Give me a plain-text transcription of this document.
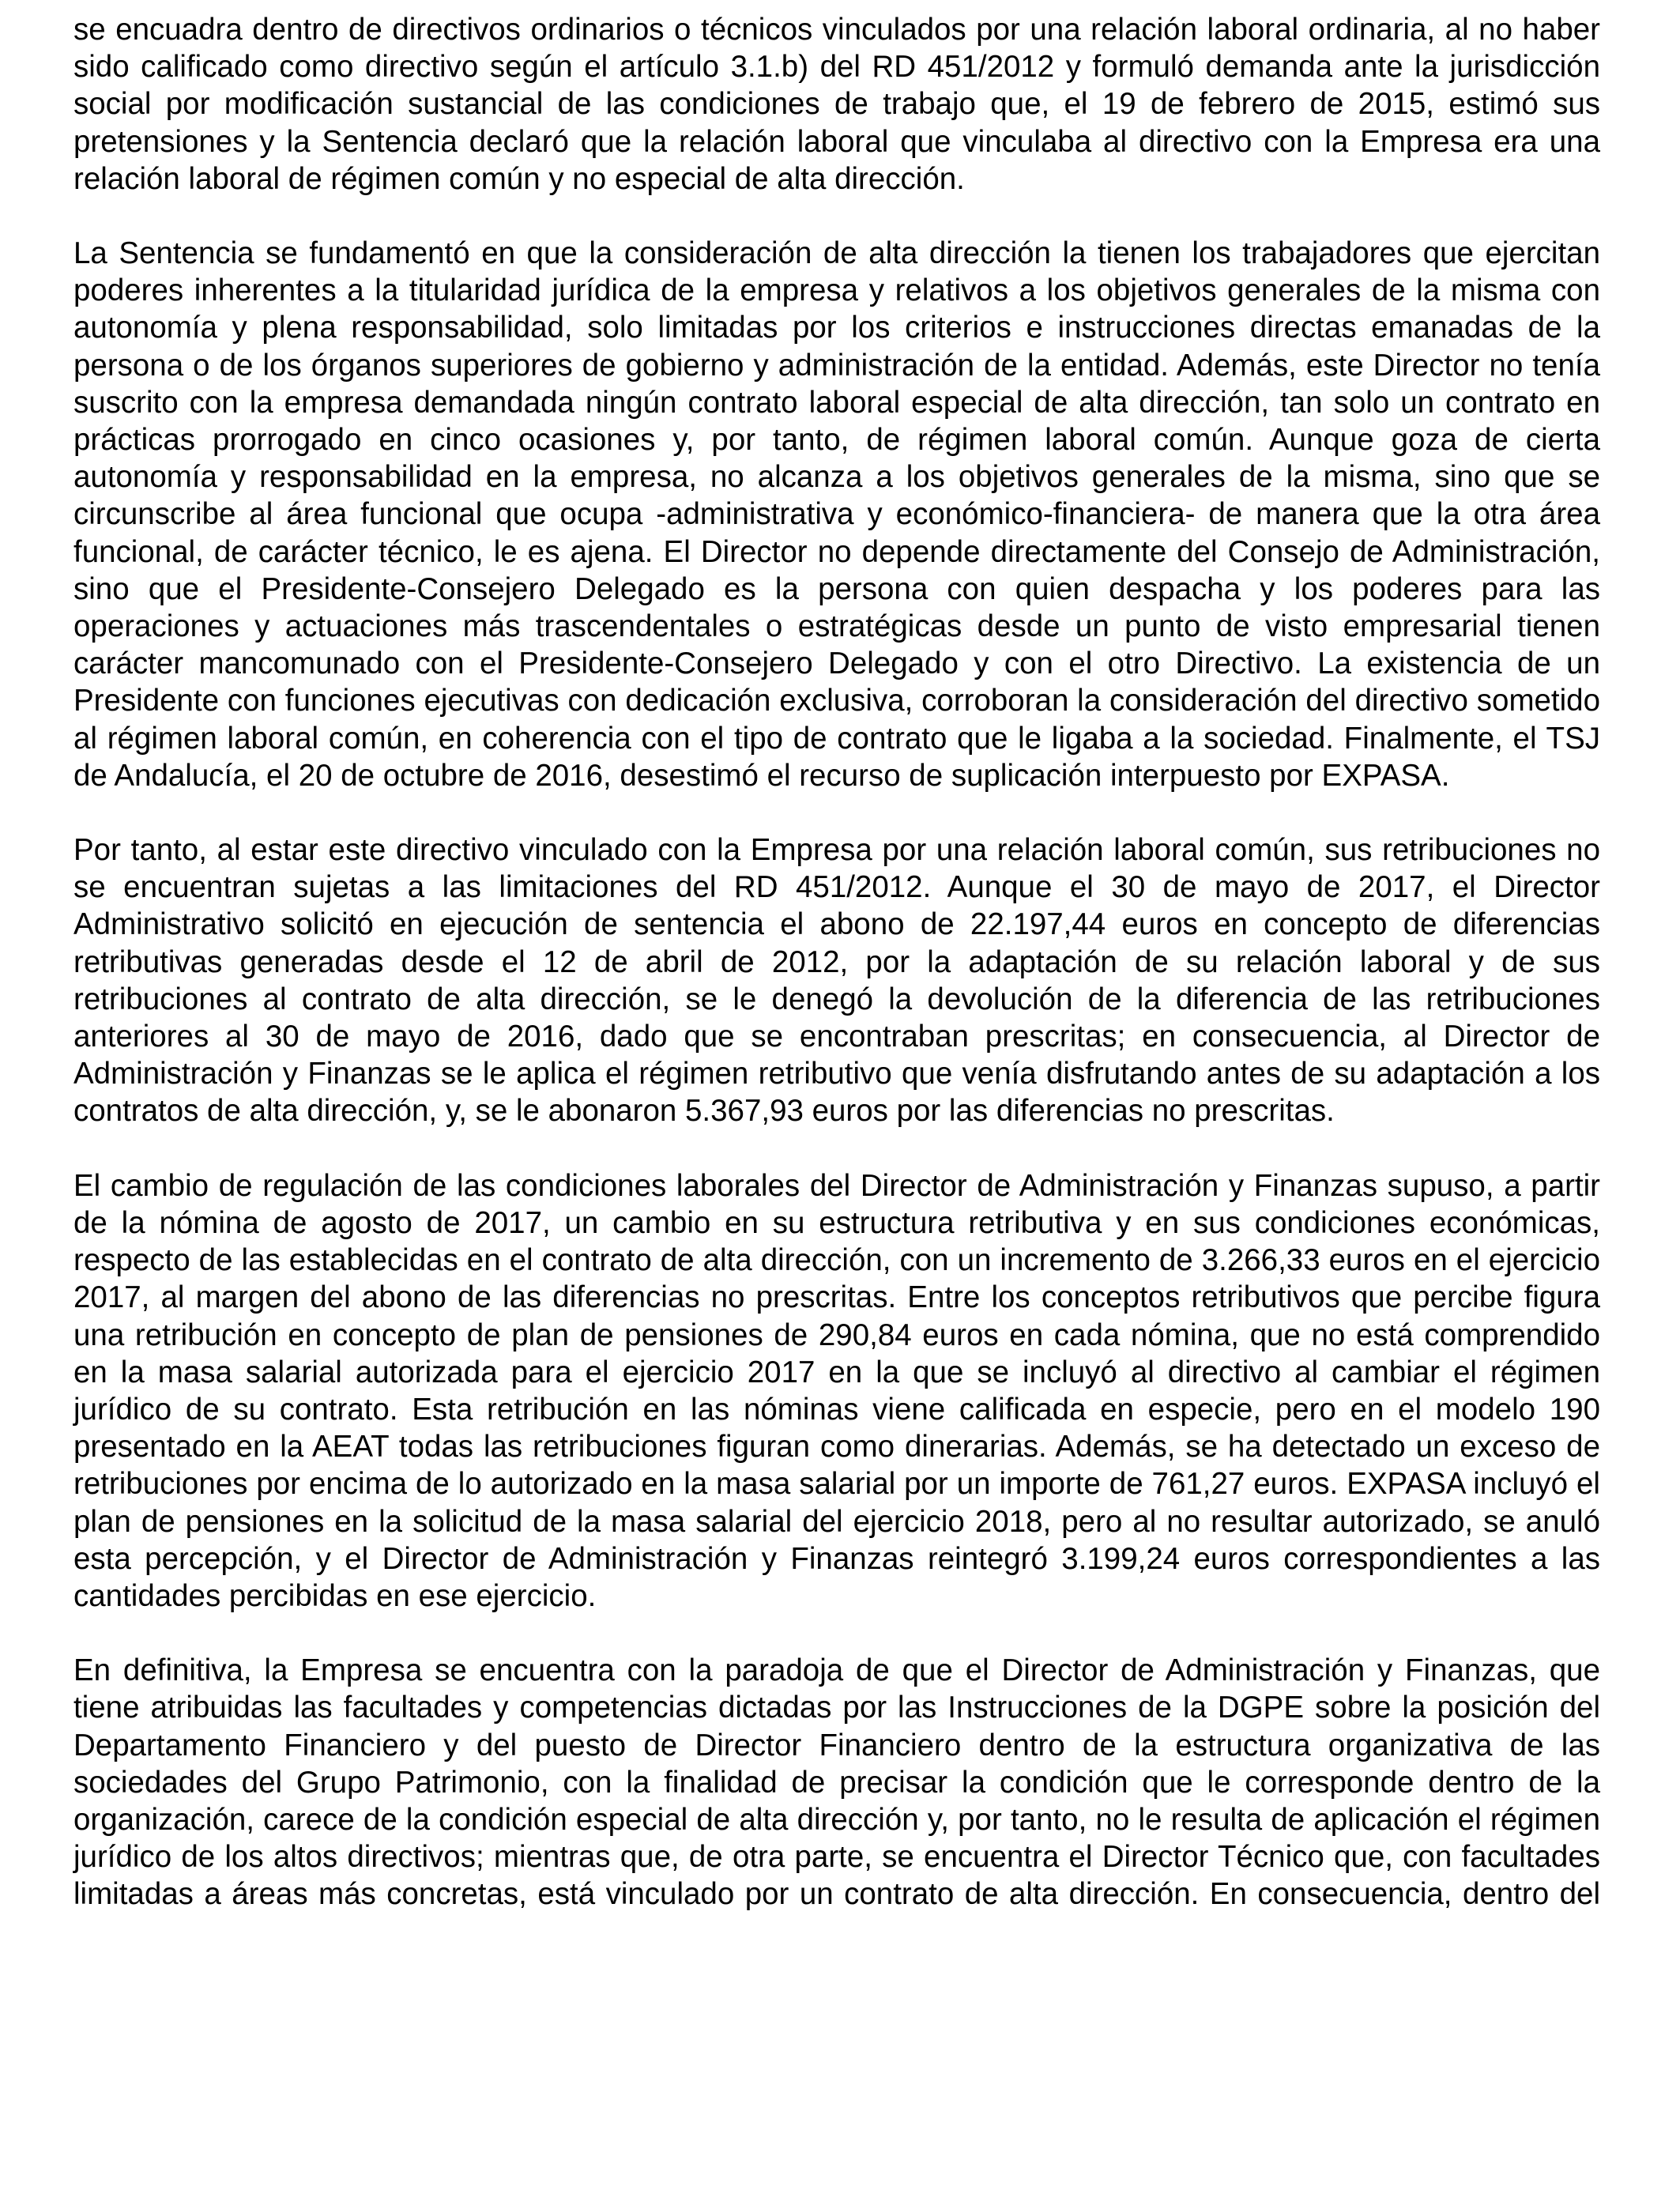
se encuadra dentro de directivos ordinarios o técnicos vinculados por una relación laboral ordinaria, al no haber sido calificado como directivo según el artículo 3.1.b) del RD 451/2012 y formuló demanda ante la jurisdicción social por modificación sustancial de las condiciones de trabajo que, el 19 de febrero de 2015, estimó sus pretensiones y la Sentencia declaró que la relación laboral que vinculaba al directivo con la Empresa era una relación laboral de régimen común y no especial de alta dirección.

La Sentencia se fundamentó en que la consideración de alta dirección la tienen los trabajadores que ejercitan poderes inherentes a la titularidad jurídica de la empresa y relativos a los objetivos generales de la misma con autonomía y plena responsabilidad, solo limitadas por los criterios e instrucciones directas emanadas de la persona o de los órganos superiores de gobierno y administración de la entidad. Además, este Director no tenía suscrito con la empresa demandada ningún contrato laboral especial de alta dirección, tan solo un contrato en prácticas prorrogado en cinco ocasiones y, por tanto, de régimen laboral común. Aunque goza de cierta autonomía y responsabilidad en la empresa, no alcanza a los objetivos generales de la misma, sino que se circunscribe al área funcional que ocupa -administrativa y económico-financiera- de manera que la otra área funcional, de carácter técnico, le es ajena. El Director no depende directamente del Consejo de Administración, sino que el Presidente-Consejero Delegado es la persona con quien despacha y los poderes para las operaciones y actuaciones más trascendentales o estratégicas desde un punto de visto empresarial tienen carácter mancomunado con el Presidente-Consejero Delegado y con el otro Directivo. La existencia de un Presidente con funciones ejecutivas con dedicación exclusiva, corroboran la consideración del directivo sometido al régimen laboral común, en coherencia con el tipo de contrato que le ligaba a la sociedad. Finalmente, el TSJ de Andalucía, el 20 de octubre de 2016, desestimó el recurso de suplicación interpuesto por EXPASA.

Por tanto, al estar este directivo vinculado con la Empresa por una relación laboral común, sus retribuciones no se encuentran sujetas a las limitaciones del RD 451/2012. Aunque el 30 de mayo de 2017, el Director Administrativo solicitó en ejecución de sentencia el abono de 22.197,44 euros en concepto de diferencias retributivas generadas desde el 12 de abril de 2012, por la adaptación de su relación laboral y de sus retribuciones al contrato de alta dirección, se le denegó la devolución de la diferencia de las retribuciones anteriores al 30 de mayo de 2016, dado que se encontraban prescritas; en consecuencia, al Director de Administración y Finanzas se le aplica el régimen retributivo que venía disfrutando antes de su adaptación a los contratos de alta dirección, y, se le abonaron 5.367,93 euros por las diferencias no prescritas.

El cambio de regulación de las condiciones laborales del Director de Administración y Finanzas supuso, a partir de la nómina de agosto de 2017, un cambio en su estructura retributiva y en sus condiciones económicas, respecto de las establecidas en el contrato de alta dirección, con un incremento de 3.266,33 euros en el ejercicio 2017, al margen del abono de las diferencias no prescritas. Entre los conceptos retributivos que percibe figura una retribución en concepto de plan de pensiones de 290,84 euros en cada nómina, que no está comprendido en la masa salarial autorizada para el ejercicio 2017 en la que se incluyó al directivo al cambiar el régimen jurídico de su contrato. Esta retribución en las nóminas viene calificada en especie, pero en el modelo 190 presentado en la AEAT todas las retribuciones figuran como dinerarias. Además, se ha detectado un exceso de retribuciones por encima de lo autorizado en la masa salarial por un importe de 761,27 euros. EXPASA incluyó el plan de pensiones en la solicitud de la masa salarial del ejercicio 2018, pero al no resultar autorizado, se anuló esta percepción, y el Director de Administración y Finanzas reintegró 3.199,24 euros correspondientes a las cantidades percibidas en ese ejercicio.

En definitiva, la Empresa se encuentra con la paradoja de que el Director de Administración y Finanzas, que tiene atribuidas las facultades y competencias dictadas por las Instrucciones de la DGPE sobre la posición del Departamento Financiero y del puesto de Director Financiero dentro de la estructura organizativa de las sociedades del Grupo Patrimonio, con la finalidad de precisar la condición que le corresponde dentro de la organización, carece de la condición especial de alta dirección y, por tanto, no le resulta de aplicación el régimen jurídico de los altos directivos; mientras que, de otra parte, se encuentra el Director Técnico que, con facultades limitadas a áreas más concretas, está vinculado por un contrato de alta dirección. En consecuencia, dentro del
